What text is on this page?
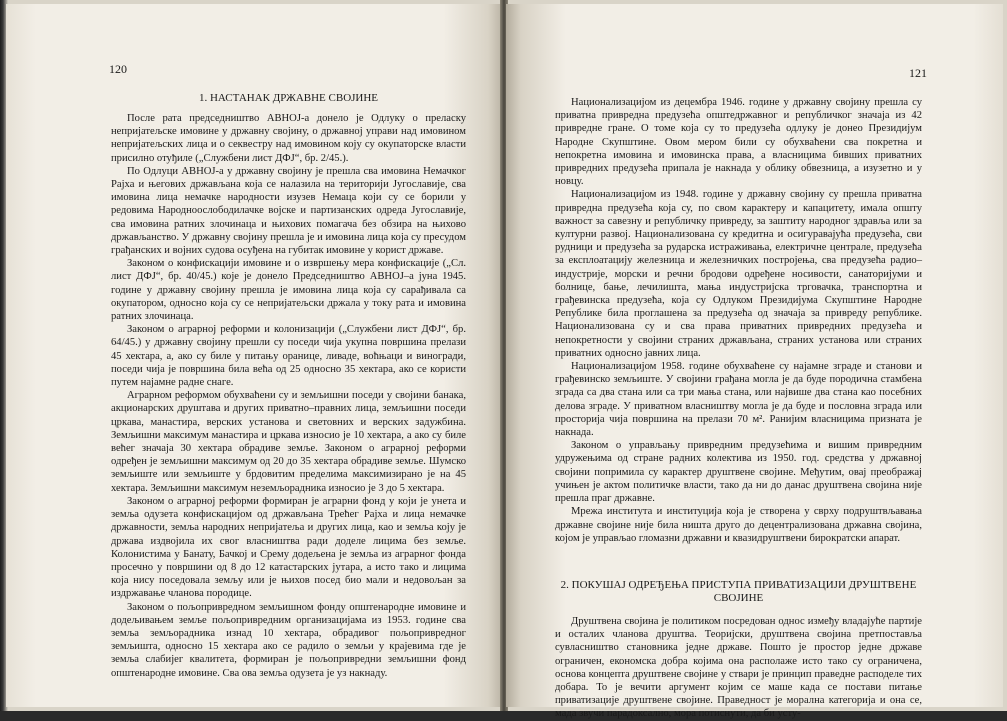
120
1. НАСТАНАК ДРЖАВНЕ СВОЈИНЕ

После рата председништво АВНОЈ-а донело је Одлуку о преласку непријатељске имовине у државну својину, о државној управи над имовином непријатељских лица и о секвестру над имовином коју су окупаторске власти присилно отуђиле („Службени лист ДФЈ“, бр. 2/45.).

По Одлуци АВНОЈ-а у државну својину је прешла сва имовина Немачког Рајха и његових држављана која се налазила на територији Југославије, сва имовина лица немачке народности изузев Немаца који су се борили у редовима Народноослободилачке војске и партизанских одреда Југославије, сва имовина ратних злочинаца и њихових помагача без обзира на њихово држављанство. У државну својину прешла је и имовина лица која су пресудом грађанских и војних судова осуђена на губитак имовине у корист државе.

Законом о конфискацији имовине и о извршењу мера конфискације („Сл. лист ДФЈ“, бр. 40/45.) које је донело Председништво АВНОЈ–а јуна 1945. године у државну својину прешла је имовина лица која су сарађивала са окупатором, односно која су се непријатељски држала у току рата и имовина ратних злочинаца.

Законом о аграрној реформи и колонизацији („Службени лист ДФЈ“, бр. 64/45.) у државну својину прешли су поседи чија укупна површина прелази 45 хектара, а, ако су биле у питању оранице, ливаде, воћњаци и виногради, поседи чија је површина била већа од 25 односно 35 хектара, ако се користи путем најамне радне снаге.

Аграрном реформом обухваћени су и земљишни поседи у својини банака, акционарских друштава и других приватно–правних лица, земљишни поседи цркава, манастира, верских установа и световних и верских задужбина. Земљишни максимум манастира и цркава износио је 10 хектара, а ако су биле већег значаја 30 хектара обрадиве земље. Законом о аграрној реформи одређен је земљишни максимум од 20 до 35 хектара обрадиве земље. Шумско земљиште или земљиште у брдовитим пределима максимизирано је на 45 хектара. Земљишни максимум неземљорадника износио је 3 до 5 хектара.

Законом о аграрној реформи формиран је аграрни фонд у који је унета и земља одузета конфискацијом од држављана Трећег Рајха и лица немачке државности, земља народних непријатеља и других лица, као и земља коју је држава издвојила их свог власништва ради доделе лицима без земље. Колонистима у Банату, Бачкој и Срему додељена је земља из аграрног фонда просечно у површини од 8 до 12 катастарских јутара, а исто тако и лицима која нису поседовала земљу или је њихов посед био мали и недовољан за издржавање чланова породице.

Законом о пољопривредном земљишном фонду општенародне имовине и додељивањем земље пољопривредним организацијама из 1953. године сва земља земљорадника изнад 10 хектара, обрадивог пољопривредног земљишта, односно 15 хектара ако се радило о земљи у крајевима где је земља слабијег квалитета, формиран је пољопривредни земљишни фонд општенародне имовине. Сва ова земља одузета је уз накнаду.

121

Национализацијом из децембра 1946. године у државну својину прешла су приватна привредна предузећа општедржавног и републичког значаја из 42 привредне гране. О томе која су то предузећа одлуку је донео Президијум Народне Скупштине. Овом мером били су обухваћени сва покретна и непокретна имовина и имовинска права, а власницима бивших приватних привредних предузећа припала је накнада у облику обвезница, а изузетно и у новцу.

Национализацијом из 1948. године у државну својину су прешла приватна привредна предузећа која су, по свом карактеру и капацитету, имала општу важност за савезну и републичку привреду, за заштиту народног здравља или за културни развој. Национализована су кредитна и осигуравајућа предузећа, сви рудници и предузећа за рударска истраживања, електричне централе, предузећа за експлоатацију железница и железничких постројења, сва предузећа радио–индустрије, морски и речни бродови одређене носивости, санаторијуми и болнице, бање, лечилишта, мања индустријска трговачка, транспортна и грађевинска предузећа, која су Одлуком Президијума Скупштине Народне Републике била проглашена за предузећа од значаја за привреду републике. Национализована су и сва права приватних привредних предузећа и непокретности у својини страних држављана, страних установа или страних приватних односно јавних лица.

Национализацијом 1958. године обухваћене су најамне зграде и станови и грађевинско земљиште. У својини грађана могла је да буде породична стамбена зграда са два стана или са три мања стана, или највише два стана као посебних делова зграде. У приватном власништву могла је да буде и пословна зграда или просторија чија површина на прелази 70 м². Ранијим власницима призната је накнада.

Законом о управљању привредним предузећима и вишим привредним удружењима од стране радних колектива из 1950. год. средства у државној својини попримила су карактер друштвене својине. Међутим, овај преображај учињен је актом политичке власти, тако да ни до данас друштвена својина није прешла праг државне.

Мрежа института и институција која је створена у сврху подруштвљавања државне својине није била ништа друго до децентрализована државна својина, којом је управљао гломазни државни и квазидруштвени бирократски апарат.

2. ПОКУШАЈ ОДРЕЂЕЊА ПРИСТУПА ПРИВАТИЗАЦИЈИ ДРУШТВЕНЕ СВОЈИНЕ

Друштвена својина је политиком посредован однос између владајуће партије и осталих чланова друштва. Теоријски, друштвена својина претпоставља сувласништво становника једне државе. Пошто је простор једне државе ограничен, економска добра којима она располаже исто тако су ограничена, основа концепта друштвене својине у ствари је принцип праведне расподеле тих добара. То је вечити аргумент којим се маше када се постави питање приватизације друштвене својине. Праведност је морална категорија и она се, мада звучи парадоксално, мора потиснути, да би усту-
